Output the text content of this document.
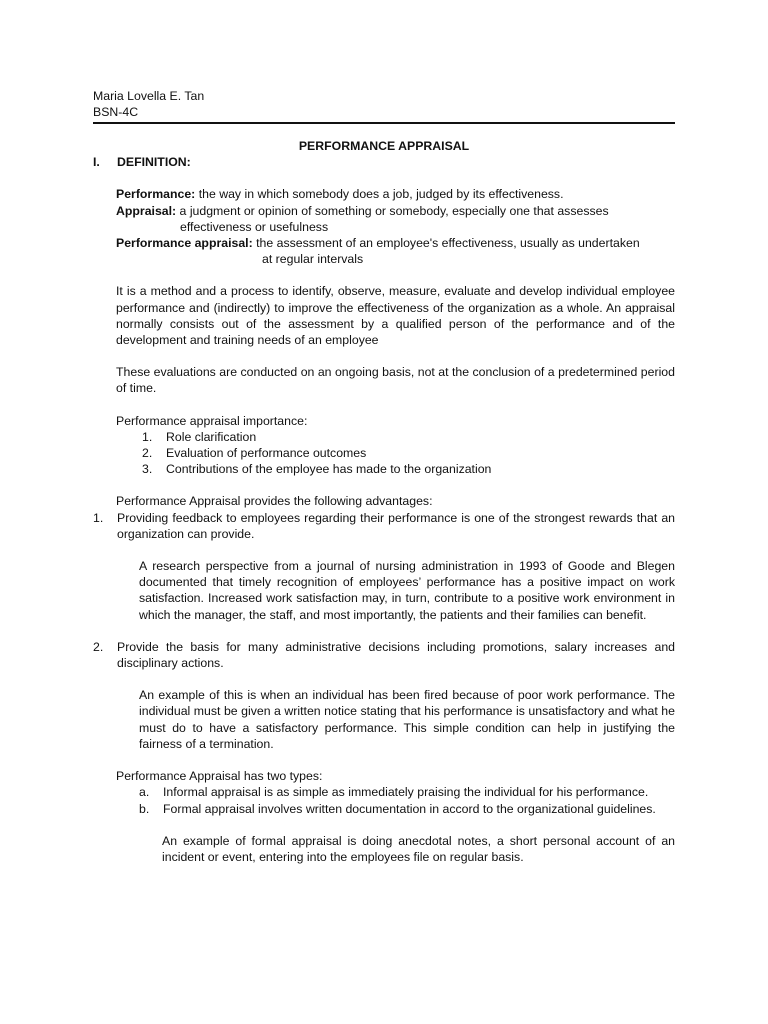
Maria Lovella E. Tan
BSN-4C

PERFORMANCE APPRAISAL

I.	DEFINITION:
Performance: the way in which somebody does a job, judged by its effectiveness.
Appraisal: a judgment or opinion of something or somebody, especially one that assesses
effectiveness or usefulness
Performance appraisal: the assessment of an employee's effectiveness, usually as undertaken
at regular intervals

It is a method and a process to identify, observe, measure, evaluate and develop individual employee performance and (indirectly) to improve the effectiveness of the organization as a whole. An appraisal normally consists out of the assessment by a qualified person of the performance and of the development and training needs of an employee

These evaluations are conducted on an ongoing basis, not at the conclusion of a predetermined period of time.

Performance appraisal importance:

1.	Role clarification
2.	Evaluation of performance outcomes
3.	Contributions of the employee has made to the organization

Performance Appraisal provides the following advantages:

1.	Providing feedback to employees regarding their performance is one of the strongest rewards that an organization can provide.

A research perspective from a journal of nursing administration in 1993 of Goode and Blegen documented that timely recognition of employees’ performance has a positive impact on work satisfaction. Increased work satisfaction may, in turn, contribute to a positive work environment in which the manager, the staff, and most importantly, the patients and their families can benefit.

2.	Provide the basis for many administrative decisions including promotions, salary increases and disciplinary actions.

An example of this is when an individual has been fired because of poor work performance. The individual must be given a written notice stating that his performance is unsatisfactory and what he must do to have a satisfactory performance. This simple condition can help in justifying the fairness of a termination.

Performance Appraisal has two types:

a.	Informal appraisal is as simple as immediately praising the individual for his performance.
b.	Formal appraisal involves written documentation in accord to the organizational guidelines.

An example of formal appraisal is doing anecdotal notes, a short personal account of an incident or event, entering into the employees file on regular basis.
